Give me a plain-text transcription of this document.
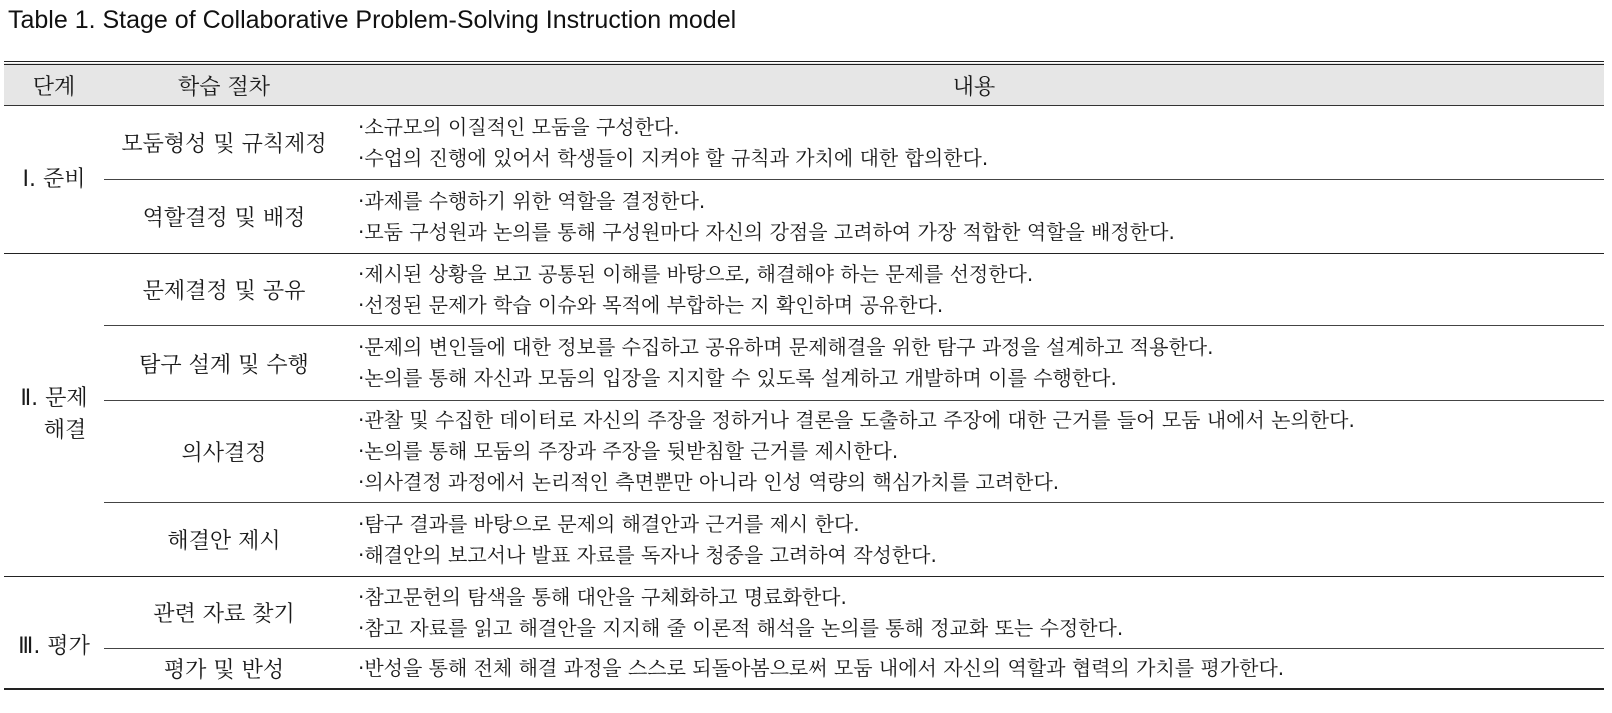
Table 1. Stage of Collaborative Problem-Solving Instruction model
단계	학습 절차	내용

Ⅰ. 준비	모둠형성 및 규칙제정	·소규모의 이질적인 모둠을 구성한다.
·수업의 진행에 있어서 학생들이 지켜야 할 규칙과 가치에 대한 합의한다.

	역할결정 및 배정	·과제를 수행하기 위한 역할을 결정한다.
·모둠 구성원과 논의를 통해 구성원마다 자신의 강점을 고려하여 가장 적합한 역할을 배정한다.

Ⅱ. 문제
해결	문제결정 및 공유	·제시된 상황을 보고 공통된 이해를 바탕으로, 해결해야 하는 문제를 선정한다.
·선정된 문제가 학습 이슈와 목적에 부합하는 지 확인하며 공유한다.

	탐구 설계 및 수행	·문제의 변인들에 대한 정보를 수집하고 공유하며 문제해결을 위한 탐구 과정을 설계하고 적용한다.
·논의를 통해 자신과 모둠의 입장을 지지할 수 있도록 설계하고 개발하며 이를 수행한다.

	의사결정	·관찰 및 수집한 데이터로 자신의 주장을 정하거나 결론을 도출하고 주장에 대한 근거를 들어 모둠 내에서 논의한다.
·논의를 통해 모둠의 주장과 주장을 뒷받침할 근거를 제시한다.
·의사결정 과정에서 논리적인 측면뿐만 아니라 인성 역량의 핵심가치를 고려한다.

	해결안 제시	·탐구 결과를 바탕으로 문제의 해결안과 근거를 제시 한다.
·해결안의 보고서나 발표 자료를 독자나 청중을 고려하여 작성한다.

Ⅲ. 평가	관련 자료 찾기	·참고문헌의 탐색을 통해 대안을 구체화하고 명료화한다.
·참고 자료를 읽고 해결안을 지지해 줄 이론적 해석을 논의를 통해 정교화 또는 수정한다.

	평가 및 반성	·반성을 통해 전체 해결 과정을 스스로 되돌아봄으로써 모둠 내에서 자신의 역할과 협력의 가치를 평가한다.
